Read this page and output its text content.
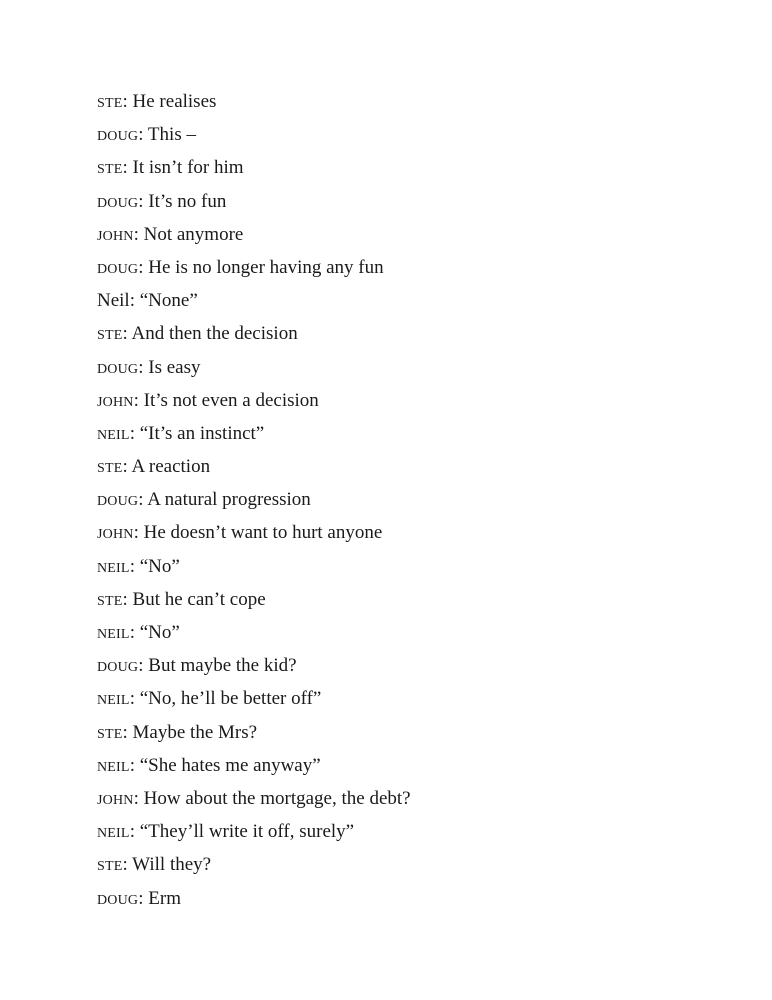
STE: He realises
DOUG: This –
STE: It isn’t for him
DOUG: It’s no fun
JOHN: Not anymore
DOUG: He is no longer having any fun
Neil: “None”
STE: And then the decision
DOUG: Is easy
JOHN: It’s not even a decision
NEIL: “It’s an instinct”
STE: A reaction
DOUG: A natural progression
JOHN: He doesn’t want to hurt anyone
NEIL: “No”
STE: But he can’t cope
NEIL: “No”
DOUG: But maybe the kid?
NEIL: “No, he’ll be better off”
STE: Maybe the Mrs?
NEIL: “She hates me anyway”
JOHN: How about the mortgage, the debt?
NEIL: “They’ll write it off, surely”
STE: Will they?
DOUG: Erm
